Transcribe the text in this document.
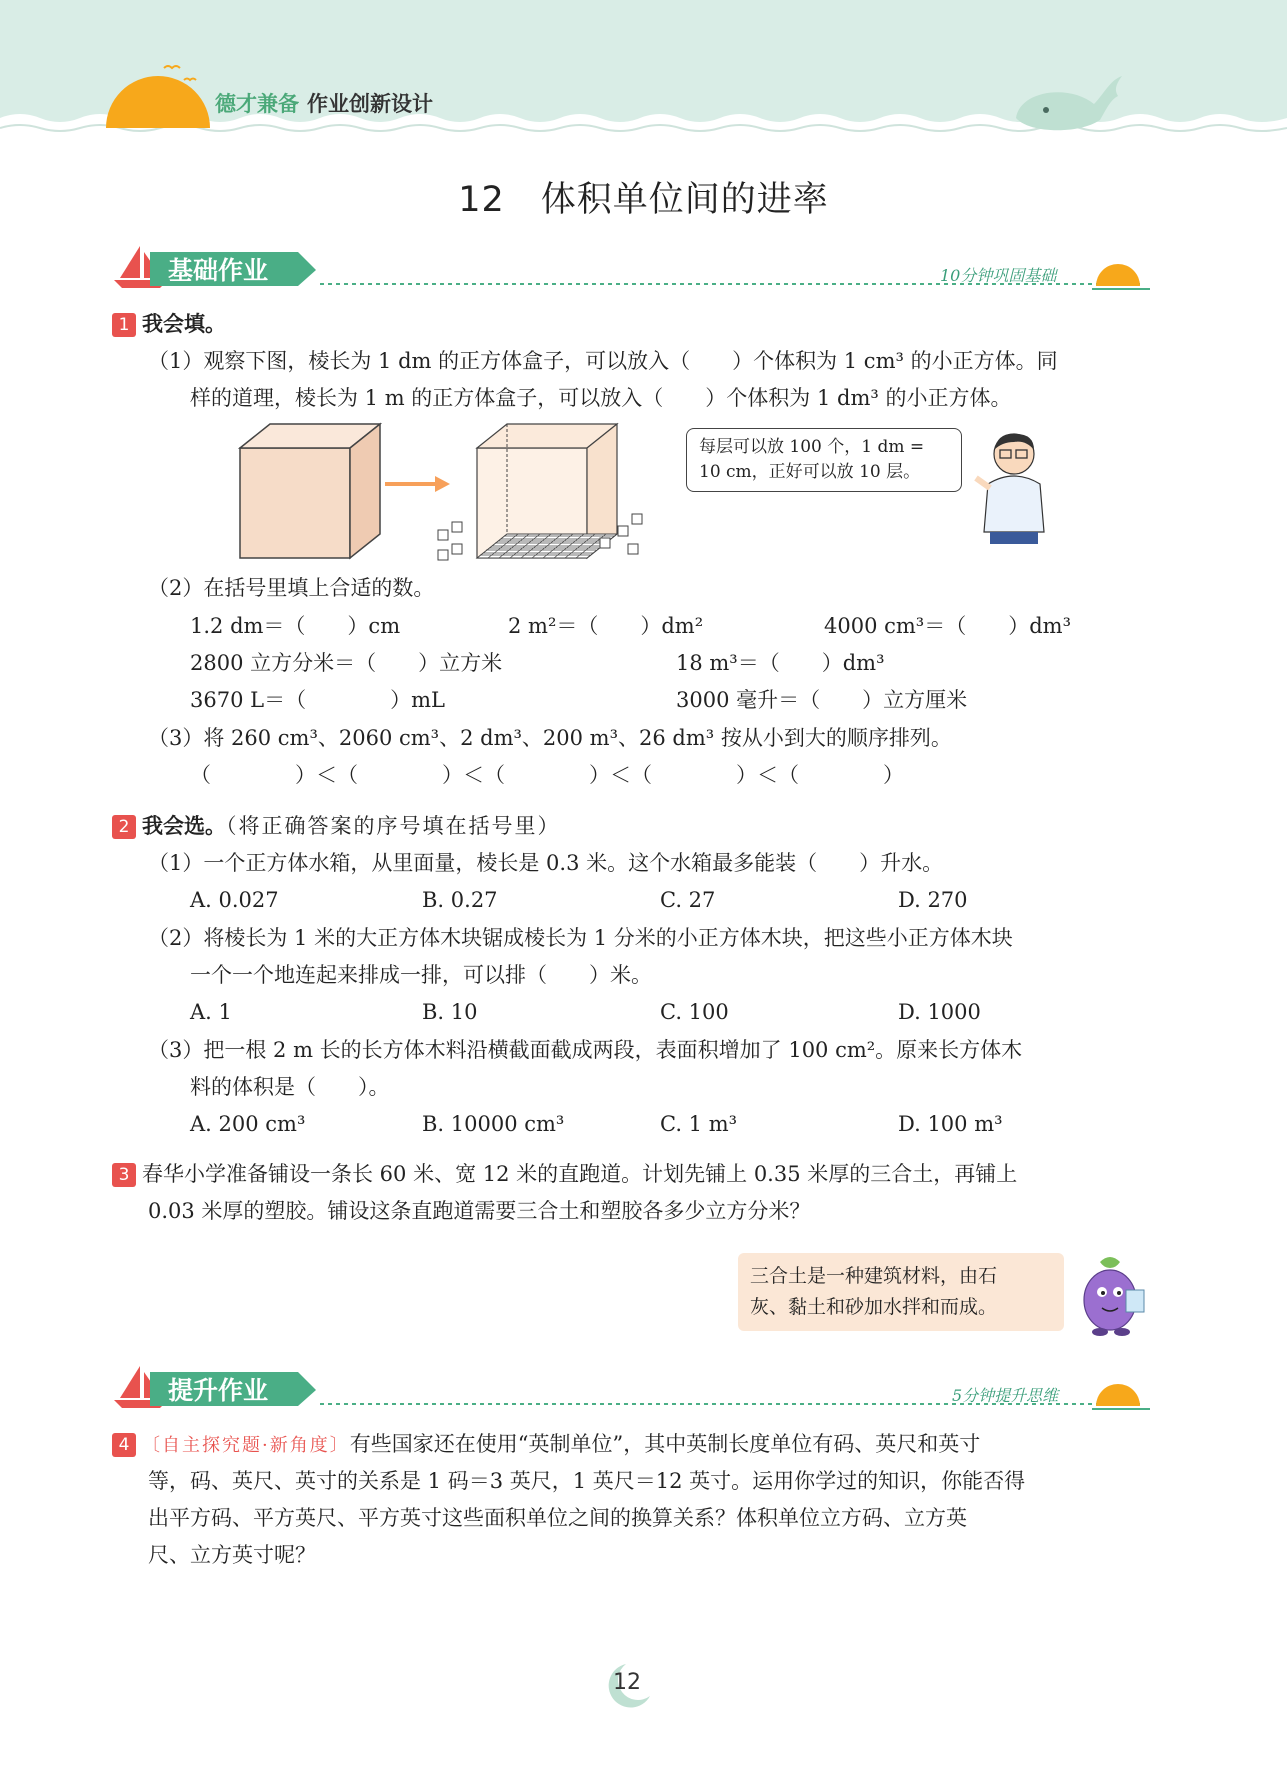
德才兼备 作业创新设计
12　体积单位间的进率
基础作业	10分钟巩固基础
1 我会填。
（1）观察下图，棱长为 1 dm 的正方体盒子，可以放入（　　）个体积为 1 cm³ 的小正方体。同
样的道理，棱长为 1 m 的正方体盒子，可以放入（　　）个体积为 1 dm³ 的小正方体。
每层可以放 100 个，1 dm =
10 cm，正好可以放 10 层。
（2）在括号里填上合适的数。
1.2 dm＝（　　）cm	2 m²＝（　　）dm²	4000 cm³＝（　　）dm³
2800 立方分米＝（　　）立方米	18 m³＝（　　）dm³
3670 L＝（　　　　）mL	3000 毫升＝（　　）立方厘米
（3）将 260 cm³、2060 cm³、2 dm³、200 m³、26 dm³ 按从小到大的顺序排列。
（　　　　）＜（　　　　）＜（　　　　）＜（　　　　）＜（　　　　）
2 我会选。（将正确答案的序号填在括号里）
（1）一个正方体水箱，从里面量，棱长是 0.3 米。这个水箱最多能装（　　）升水。
A. 0.027	B. 0.27	C. 27	D. 270
（2）将棱长为 1 米的大正方体木块锯成棱长为 1 分米的小正方体木块，把这些小正方体木块
一个一个地连起来排成一排，可以排（　　）米。
A. 1	B. 10	C. 100	D. 1000
（3）把一根 2 m 长的长方体木料沿横截面截成两段，表面积增加了 100 cm²。原来长方体木
料的体积是（　　）。
A. 200 cm³	B. 10000 cm³	C. 1 m³	D. 100 m³
3 春华小学准备铺设一条长 60 米、宽 12 米的直跑道。计划先铺上 0.35 米厚的三合土，再铺上
0.03 米厚的塑胶。铺设这条直跑道需要三合土和塑胶各多少立方分米？
三合土是一种建筑材料，由石
灰、黏土和砂加水拌和而成。
提升作业	5分钟提升思维
4 〔自主探究题·新角度〕有些国家还在使用“英制单位”，其中英制长度单位有码、英尺和英寸
等，码、英尺、英寸的关系是 1 码＝3 英尺，1 英尺＝12 英寸。运用你学过的知识，你能否得
出平方码、平方英尺、平方英寸这些面积单位之间的换算关系？体积单位立方码、立方英
尺、立方英寸呢？
12
